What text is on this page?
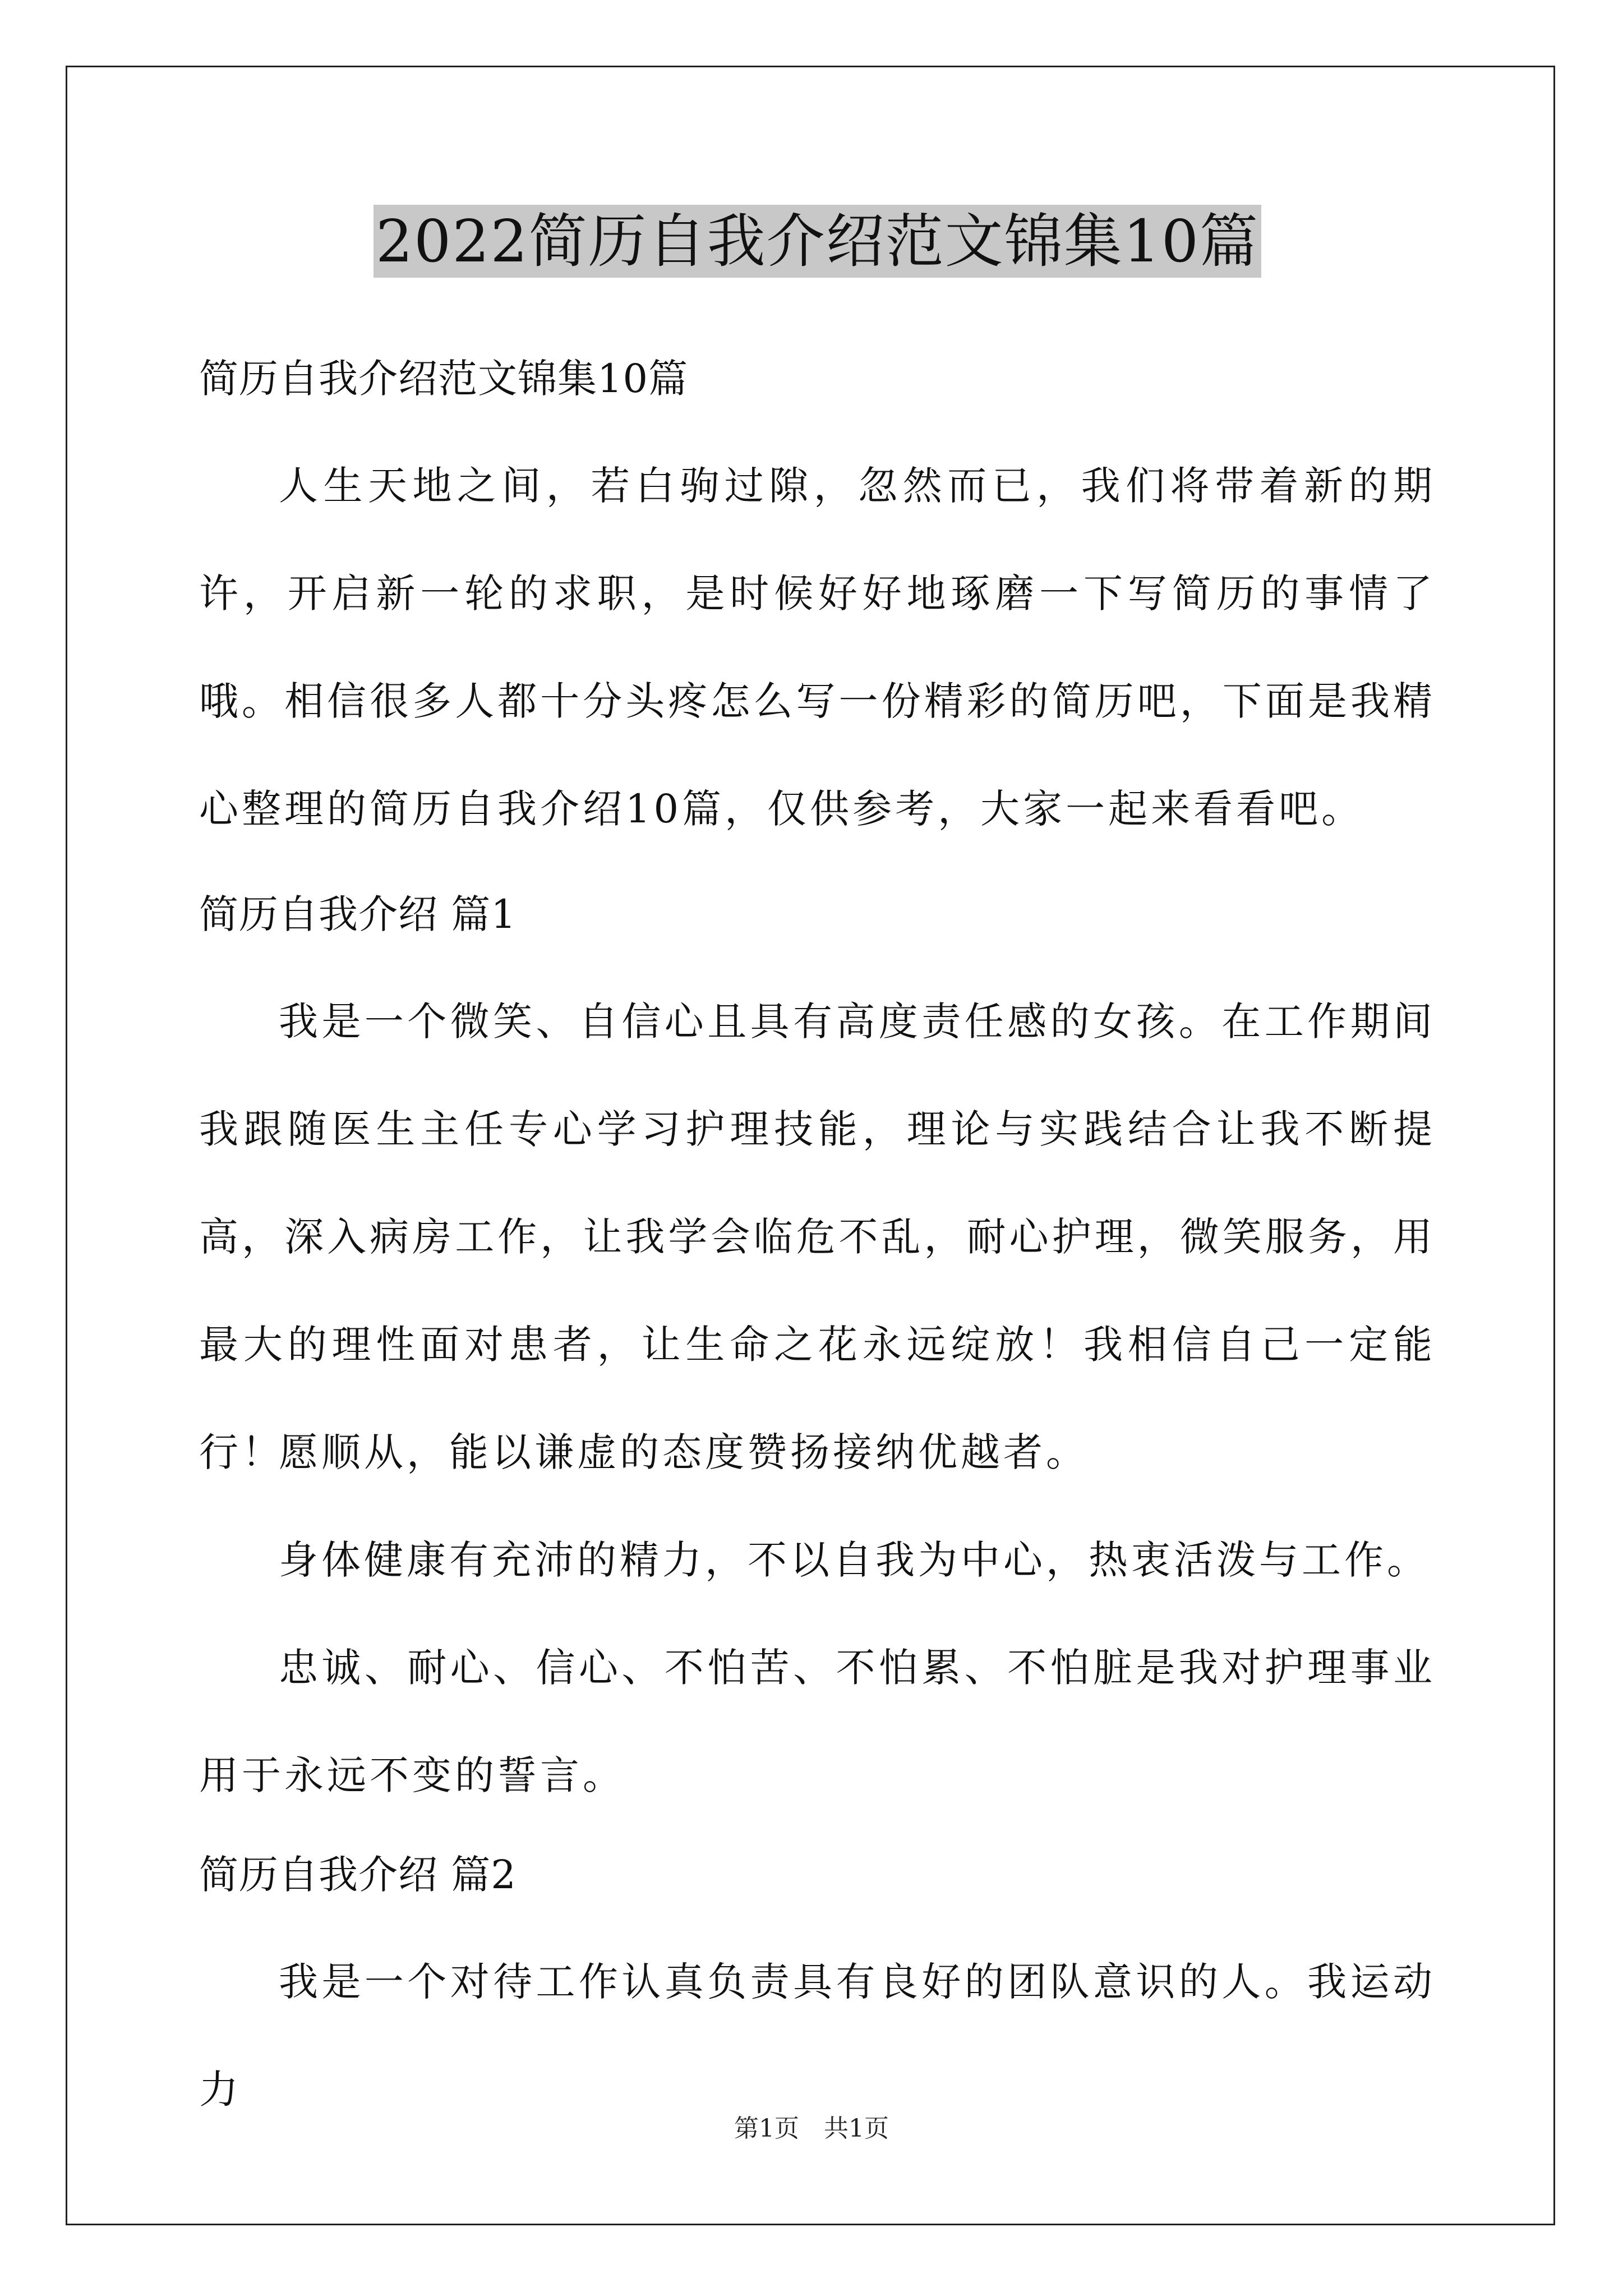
2022简历自我介绍范文锦集10篇
简历自我介绍范文锦集10篇
人生天地之间，若白驹过隙，忽然而已，我们将带着新的期许，开启新一轮的求职，是时候好好地琢磨一下写简历的事情了哦。相信很多人都十分头疼怎么写一份精彩的简历吧，下面是我精心整理的简历自我介绍10篇，仅供参考，大家一起来看看吧。
简历自我介绍 篇1
我是一个微笑、自信心且具有高度责任感的女孩。在工作期间我跟随医生主任专心学习护理技能，理论与实践结合让我不断提高，深入病房工作，让我学会临危不乱，耐心护理，微笑服务，用最大的理性面对患者，让生命之花永远绽放！我相信自己一定能行！
愿顺从，能以谦虚的态度赞扬接纳优越者。
身体健康有充沛的精力，不以自我为中心，热衷活泼与工作。
忠诚、耐心、信心、不怕苦、不怕累、不怕脏是我对护理事业用于永远不变的誓言。
简历自我介绍 篇2
我是一个对待工作认真负责具有良好的团队意识的人。我运动力
第1页　共1页
